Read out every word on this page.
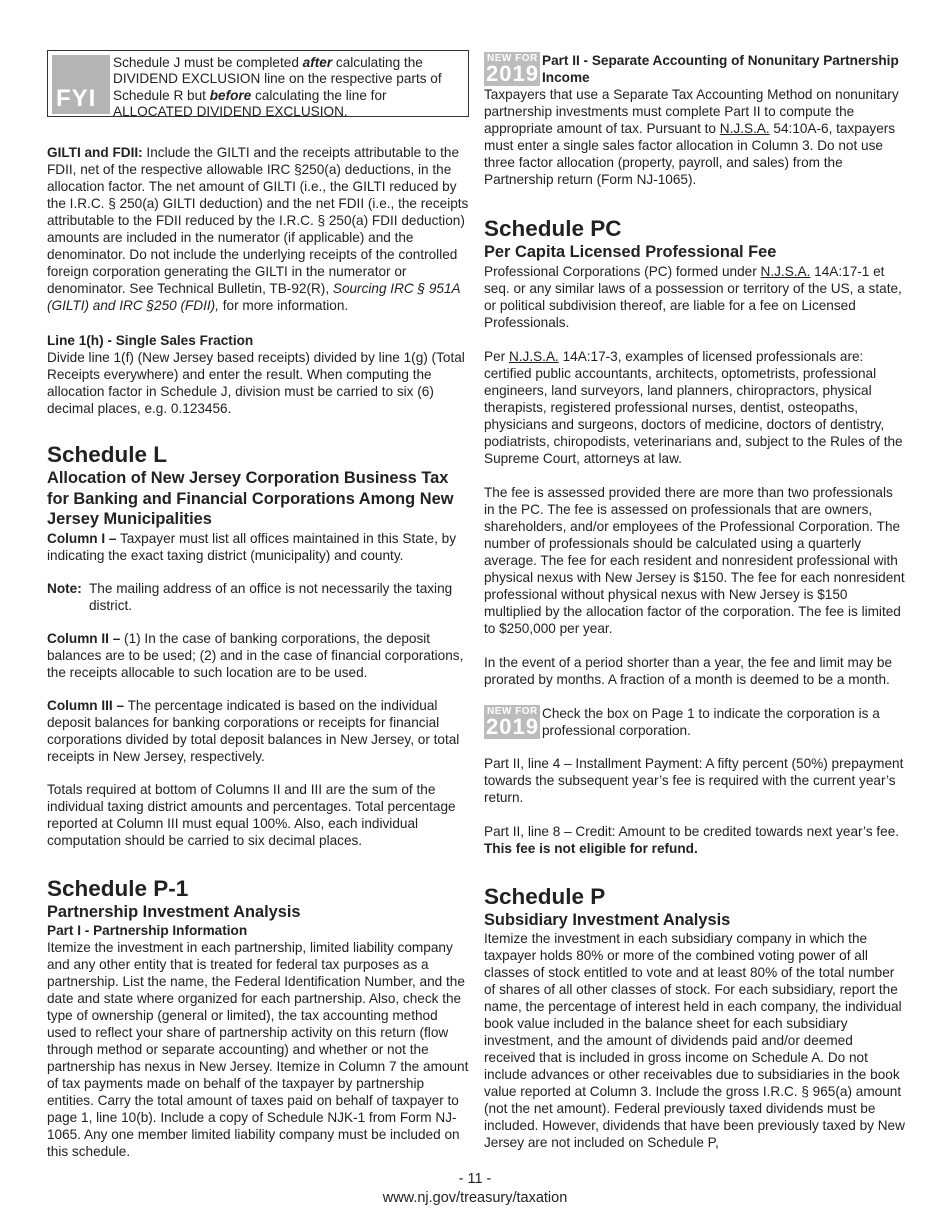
FYI
Schedule J must be completed after calculating the DIVIDEND EXCLUSION line on the respective parts of Schedule R but before calculating the line for ALLOCATED DIVIDEND EXCLUSION.

GILTI and FDII: Include the GILTI and the receipts attributable to the FDII, net of the respective allowable IRC §250(a) deductions, in the allocation factor. The net amount of GILTI (i.e., the GILTI reduced by the I.R.C. § 250(a) GILTI deduction) and the net FDII (i.e., the receipts attributable to the FDII reduced by the I.R.C. § 250(a) FDII deduction) amounts are included in the numerator (if applicable) and the denominator. Do not include the underlying receipts of the controlled foreign corporation generating the GILTI in the numerator or denominator. See Technical Bulletin, TB-92(R), Sourcing IRC § 951A (GILTI) and IRC §250 (FDII), for more information.

Line 1(h) - Single Sales Fraction

Divide line 1(f) (New Jersey based receipts) divided by line 1(g) (Total Receipts everywhere) and enter the result. When computing the allocation factor in Schedule J, division must be carried to six (6) decimal places, e.g. 0.123456.

Schedule L
Allocation of New Jersey Corporation Business Tax for Banking and Financial Corporations Among New Jersey Municipalities

Column I – Taxpayer must list all offices maintained in this State, by indicating the exact taxing district (municipality) and county.

Note: The mailing address of an office is not necessarily the taxing district.

Column II – (1) In the case of banking corporations, the deposit balances are to be used; (2) and in the case of financial corporations, the receipts allocable to such location are to be used.

Column III – The percentage indicated is based on the individual deposit balances for banking corporations or receipts for financial corporations divided by total deposit balances in New Jersey, or total receipts in New Jersey, respectively.

Totals required at bottom of Columns II and III are the sum of the individual taxing district amounts and percentages. Total percentage reported at Column III must equal 100%. Also, each individual computation should be carried to six decimal places.

Schedule P-1
Partnership Investment Analysis
Part I - Partnership Information

Itemize the investment in each partnership, limited liability company and any other entity that is treated for federal tax purposes as a partnership. List the name, the Federal Identification Number, and the date and state where organized for each partnership. Also, check the type of ownership (general or limited), the tax accounting method used to reflect your share of partnership activity on this return (flow through method or separate accounting) and whether or not the partnership has nexus in New Jersey. Itemize in Column 7 the amount of tax payments made on behalf of the taxpayer by partnership entities. Carry the total amount of taxes paid on behalf of taxpayer to page 1, line 10(b). Include a copy of Schedule NJK-1 from Form NJ-1065. Any one member limited liability company must be included on this schedule.

NEW FOR
2019
Part II - Separate Accounting of Nonunitary Partnership Income

Taxpayers that use a Separate Tax Accounting Method on nonunitary partnership investments must complete Part II to compute the appropriate amount of tax. Pursuant to N.J.S.A. 54:10A-6, taxpayers must enter a single sales factor allocation in Column 3. Do not use three factor allocation (property, payroll, and sales) from the Partnership return (Form NJ-1065).

Schedule PC
Per Capita Licensed Professional Fee

Professional Corporations (PC) formed under N.J.S.A. 14A:17-1 et seq. or any similar laws of a possession or territory of the US, a state, or political subdivision thereof, are liable for a fee on Licensed Professionals.

Per N.J.S.A. 14A:17-3, examples of licensed professionals are: certified public accountants, architects, optometrists, professional engineers, land surveyors, land planners, chiropractors, physical therapists, registered professional nurses, dentist, osteopaths, physicians and surgeons, doctors of medicine, doctors of dentistry, podiatrists, chiropodists, veterinarians and, subject to the Rules of the Supreme Court, attorneys at law.

The fee is assessed provided there are more than two professionals in the PC. The fee is assessed on professionals that are owners, shareholders, and/or employees of the Professional Corporation. The number of professionals should be calculated using a quarterly average. The fee for each resident and nonresident professional with physical nexus with New Jersey is $150. The fee for each nonresident professional without physical nexus with New Jersey is $150 multiplied by the allocation factor of the corporation. The fee is limited to $250,000 per year.

In the event of a period shorter than a year, the fee and limit may be prorated by months. A fraction of a month is deemed to be a month.

NEW FOR
2019

Check the box on Page 1 to indicate the corporation is a professional corporation.

Part II, line 4 – Installment Payment: A fifty percent (50%) prepayment towards the subsequent year’s fee is required with the current year’s return.

Part II, line 8 – Credit: Amount to be credited towards next year’s fee. This fee is not eligible for refund.

Schedule P
Subsidiary Investment Analysis

Itemize the investment in each subsidiary company in which the taxpayer holds 80% or more of the combined voting power of all classes of stock entitled to vote and at least 80% of the total number of shares of all other classes of stock. For each subsidiary, report the name, the percentage of interest held in each company, the individual book value included in the balance sheet for each subsidiary investment, and the amount of dividends paid and/or deemed received that is included in gross income on Schedule A. Do not include advances or other receivables due to subsidiaries in the book value reported at Column 3. Include the gross I.R.C. § 965(a) amount (not the net amount). Federal previously taxed dividends must be included. However, dividends that have been previously taxed by New Jersey are not included on Schedule P,

- 11 -
www.nj.gov/treasury/taxation
